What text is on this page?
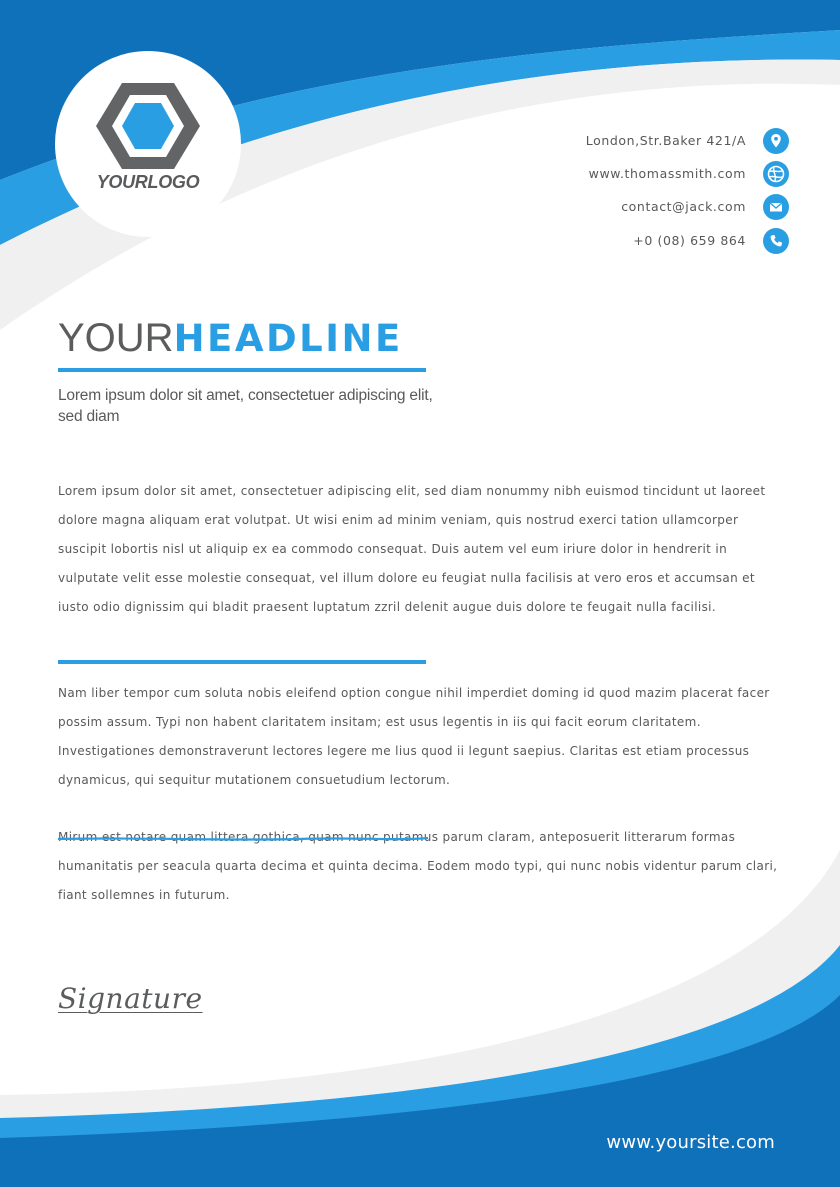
YOURLOGO
London,Str.Baker 421/A
www.thomassmith.com
contact@jack.com
+0 (08) 659 864
YOURHEADLINE
Lorem ipsum dolor sit amet, consectetuer adipiscing elit, sed diam
Lorem ipsum dolor sit amet, consectetuer adipiscing elit, sed diam nonummy nibh euismod tincidunt ut laoreet dolore magna aliquam erat volutpat. Ut wisi enim ad minim veniam, quis nostrud exerci tation ullamcorper suscipit lobortis nisl ut aliquip ex ea commodo consequat. Duis autem vel eum iriure dolor in hendrerit in vulputate velit esse molestie consequat, vel illum dolore eu feugiat nulla facilisis at vero eros et accumsan et iusto odio dignissim qui bladit praesent luptatum zzril delenit augue duis dolore te feugait nulla facilisi.
Nam liber tempor cum soluta nobis eleifend option congue nihil imperdiet doming id quod mazim placerat facer possim assum. Typi non habent claritatem insitam; est usus legentis in iis qui facit eorum claritatem. Investigationes demonstraverunt lectores legere me lius quod ii legunt saepius. Claritas est etiam processus dynamicus, qui sequitur mutationem consuetudium lectorum.
Mirum est notare quam littera gothica, quam nunc putamus parum claram, anteposuerit litterarum formas humanitatis per seacula quarta decima et quinta decima. Eodem modo typi, qui nunc nobis videntur parum clari, fiant sollemnes in futurum.
Signature
www.yoursite.com
